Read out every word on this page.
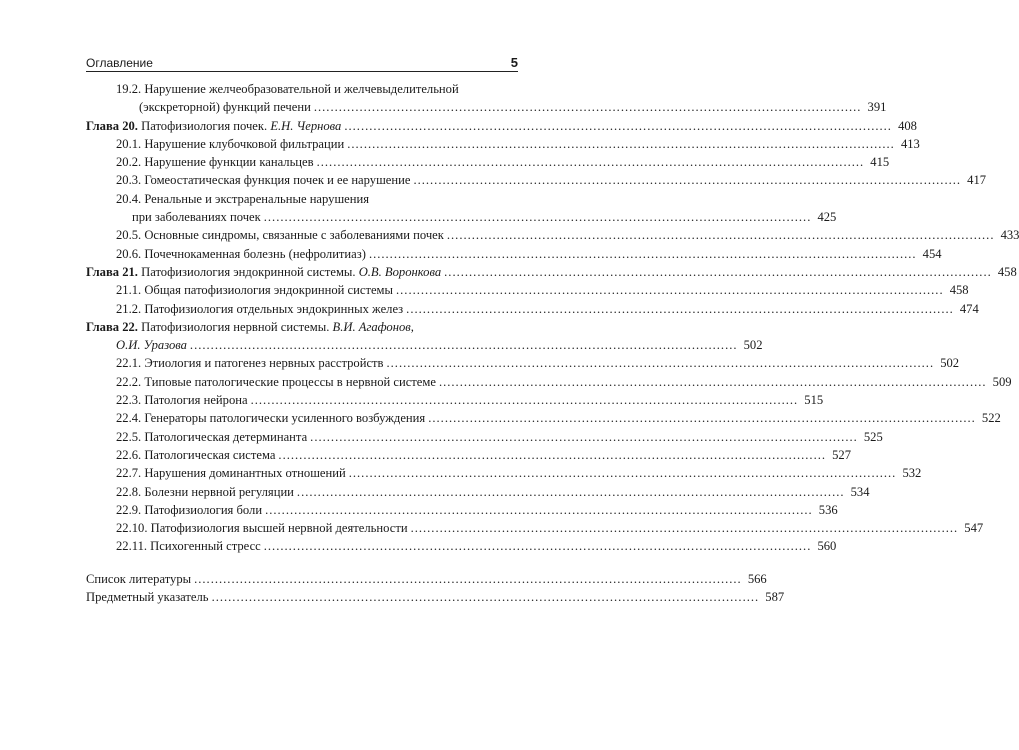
Оглавление	5
19.2. Нарушение желчеобразовательной и желчевыделительной
(экскреторной) функций печени .................................................................................................................................... 391
Глава 20. Патофизиология почек. Е.Н. Чернова .................................................................................................................................... 408
20.1. Нарушение клубочковой фильтрации .................................................................................................................................... 413
20.2. Нарушение функции канальцев .................................................................................................................................... 415
20.3. Гомеостатическая функция почек и ее нарушение .................................................................................................................................... 417
20.4. Ренальные и экстраренальные нарушения
при заболеваниях почек .................................................................................................................................... 425
20.5. Основные синдромы, связанные с заболеваниями почек .................................................................................................................................... 433
20.6. Почечнокаменная болезнь (нефролитиаз) .................................................................................................................................... 454
Глава 21. Патофизиология эндокринной системы. О.В. Воронкова .................................................................................................................................... 458
21.1. Общая патофизиология эндокринной системы .................................................................................................................................... 458
21.2. Патофизиология отдельных эндокринных желез .................................................................................................................................... 474
Глава 22. Патофизиология нервной системы. В.И. Агафонов,
О.И. Уразова .................................................................................................................................... 502
22.1. Этиология и патогенез нервных расстройств .................................................................................................................................... 502
22.2. Типовые патологические процессы в нервной системе .................................................................................................................................... 509
22.3. Патология нейрона .................................................................................................................................... 515
22.4. Генераторы патологически усиленного возбуждения .................................................................................................................................... 522
22.5. Патологическая детерминанта .................................................................................................................................... 525
22.6. Патологическая система .................................................................................................................................... 527
22.7. Нарушения доминантных отношений .................................................................................................................................... 532
22.8. Болезни нервной регуляции .................................................................................................................................... 534
22.9. Патофизиология боли .................................................................................................................................... 536
22.10. Патофизиология высшей нервной деятельности .................................................................................................................................... 547
22.11. Психогенный стресс .................................................................................................................................... 560
Список литературы .................................................................................................................................... 566
Предметный указатель .................................................................................................................................... 587
